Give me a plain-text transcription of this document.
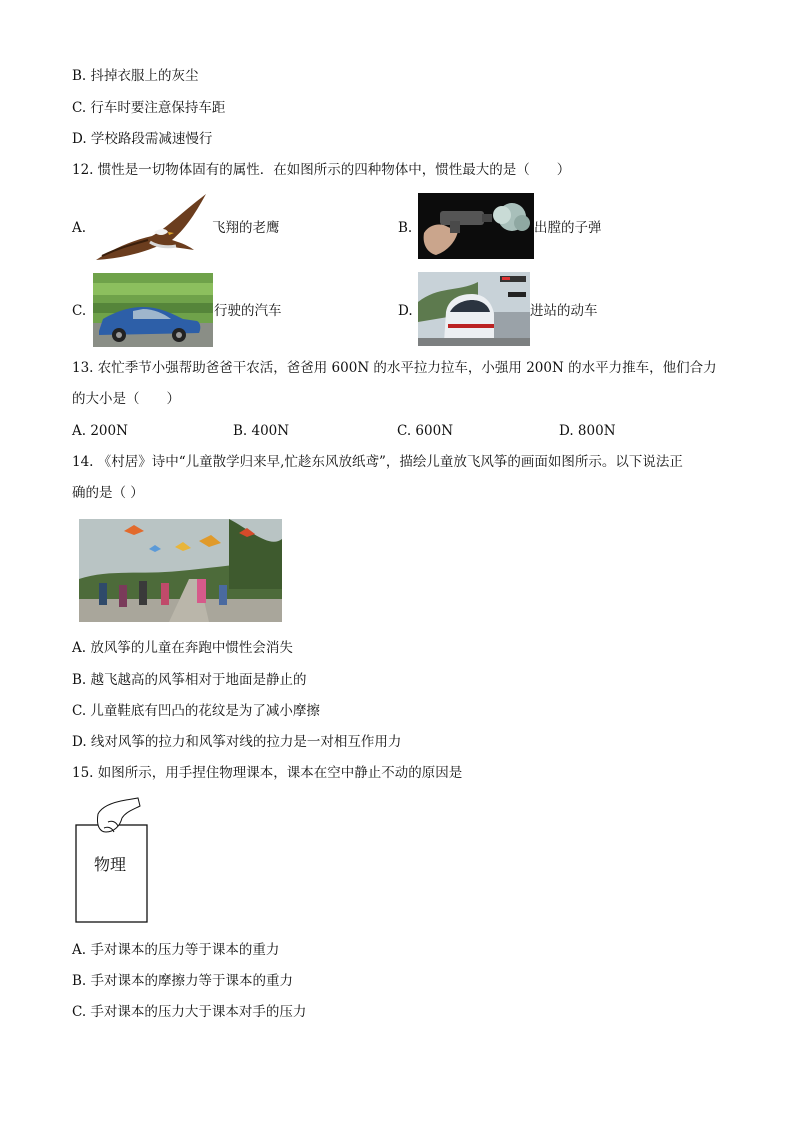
B. 抖掉衣服上的灰尘
C. 行车时要注意保持车距
D. 学校路段需减速慢行
12. 惯性是一切物体固有的属性．在如图所示的四种物体中，惯性最大的是（　　）
A.	飞翔的老鹰	B.	出膛的子弹
C.	行驶的汽车	D.	进站的动车
13. 农忙季节小强帮助爸爸干农活，爸爸用 600N 的水平拉力拉车，小强用 200N 的水平力推车，他们合力
的大小是（　　）
A. 200N	B. 400N	C. 600N	D. 800N
14. 《村居》诗中“儿童散学归来早,忙趁东风放纸鸢”，描绘儿童放飞风筝的画面如图所示。以下说法正
确的是（ ）
A. 放风筝的儿童在奔跑中惯性会消失
B. 越飞越高的风筝相对于地面是静止的
C. 儿童鞋底有凹凸的花纹是为了减小摩擦
D. 线对风筝的拉力和风筝对线的拉力是一对相互作用力
15. 如图所示，用手捏住物理课本，课本在空中静止不动的原因是
物理
A. 手对课本的压力等于课本的重力
B. 手对课本的摩擦力等于课本的重力
C. 手对课本的压力大于课本对手的压力
